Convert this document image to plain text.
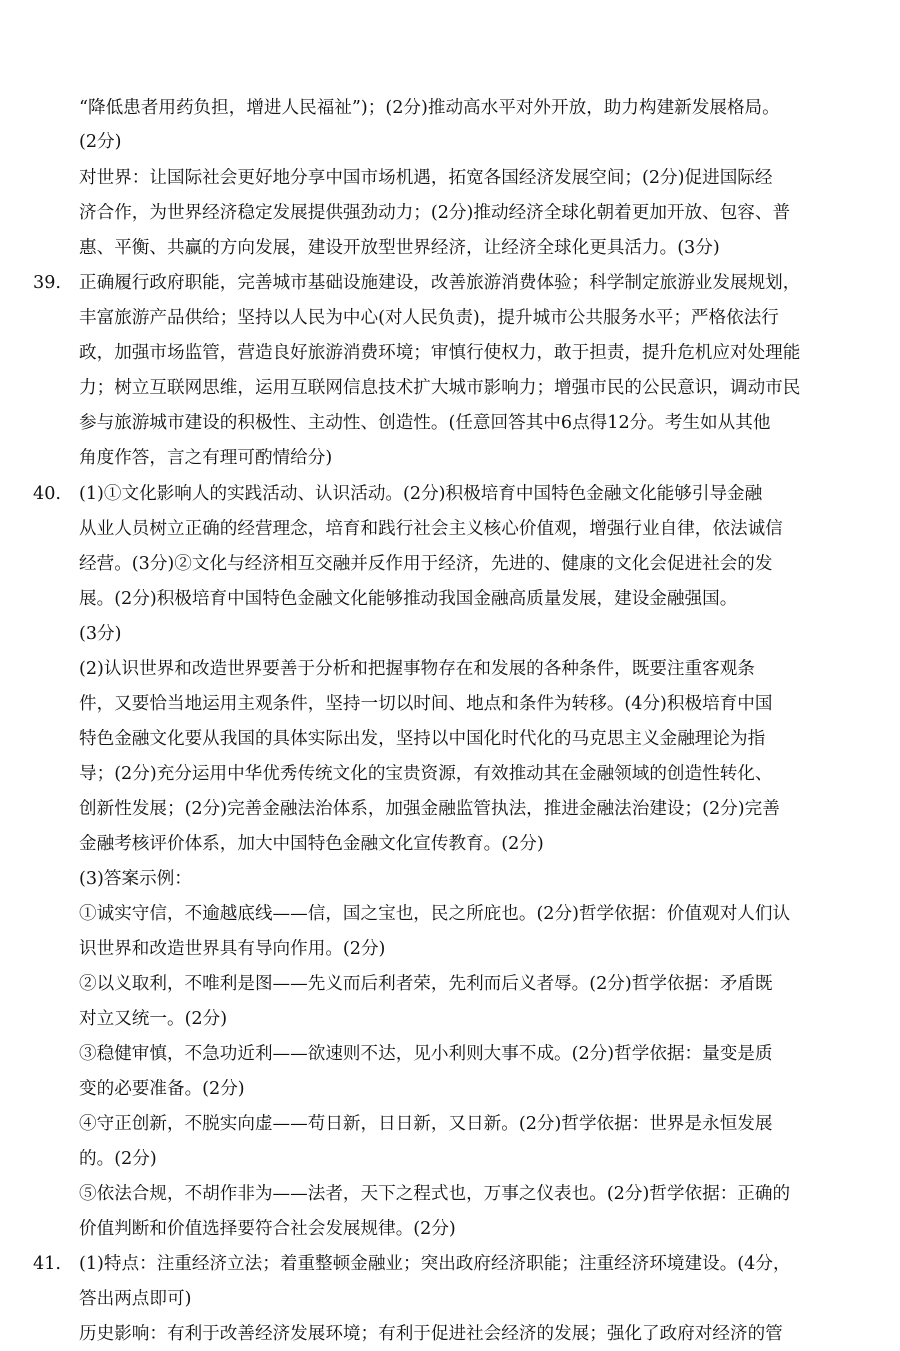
“降低患者用药负担，增进人民福祉”)；(2分)推动高水平对外开放，助力构建新发展格局。
(2分)
对世界：让国际社会更好地分享中国市场机遇，拓宽各国经济发展空间；(2分)促进国际经
济合作，为世界经济稳定发展提供强劲动力；(2分)推动经济全球化朝着更加开放、包容、普
惠、平衡、共赢的方向发展，建设开放型世界经济，让经济全球化更具活力。(3分)
39. 正确履行政府职能，完善城市基础设施建设，改善旅游消费体验；科学制定旅游业发展规划，
丰富旅游产品供给；坚持以人民为中心(对人民负责)，提升城市公共服务水平；严格依法行
政，加强市场监管，营造良好旅游消费环境；审慎行使权力，敢于担责，提升危机应对处理能
力；树立互联网思维，运用互联网信息技术扩大城市影响力；增强市民的公民意识，调动市民
参与旅游城市建设的积极性、主动性、创造性。(任意回答其中6点得12分。考生如从其他
角度作答，言之有理可酌情给分)
40. (1)①文化影响人的实践活动、认识活动。(2分)积极培育中国特色金融文化能够引导金融
从业人员树立正确的经营理念，培育和践行社会主义核心价值观，增强行业自律，依法诚信
经营。(3分)②文化与经济相互交融并反作用于经济，先进的、健康的文化会促进社会的发
展。(2分)积极培育中国特色金融文化能够推动我国金融高质量发展，建设金融强国。
(3分)
(2)认识世界和改造世界要善于分析和把握事物存在和发展的各种条件，既要注重客观条
件，又要恰当地运用主观条件，坚持一切以时间、地点和条件为转移。(4分)积极培育中国
特色金融文化要从我国的具体实际出发，坚持以中国化时代化的马克思主义金融理论为指
导；(2分)充分运用中华优秀传统文化的宝贵资源，有效推动其在金融领域的创造性转化、
创新性发展；(2分)完善金融法治体系，加强金融监管执法，推进金融法治建设；(2分)完善
金融考核评价体系，加大中国特色金融文化宣传教育。(2分)
(3)答案示例：
①诚实守信，不逾越底线——信，国之宝也，民之所庇也。(2分)哲学依据：价值观对人们认
识世界和改造世界具有导向作用。(2分)
②以义取利，不唯利是图——先义而后利者荣，先利而后义者辱。(2分)哲学依据：矛盾既
对立又统一。(2分)
③稳健审慎，不急功近利——欲速则不达，见小利则大事不成。(2分)哲学依据：量变是质
变的必要准备。(2分)
④守正创新，不脱实向虚——苟日新，日日新，又日新。(2分)哲学依据：世界是永恒发展
的。(2分)
⑤依法合规，不胡作非为——法者，天下之程式也，万事之仪表也。(2分)哲学依据：正确的
价值判断和价值选择要符合社会发展规律。(2分)
41. (1)特点：注重经济立法；着重整顿金融业；突出政府经济职能；注重经济环境建设。(4分，
答出两点即可)
历史影响：有利于改善经济发展环境；有利于促进社会经济的发展；强化了政府对经济的管
